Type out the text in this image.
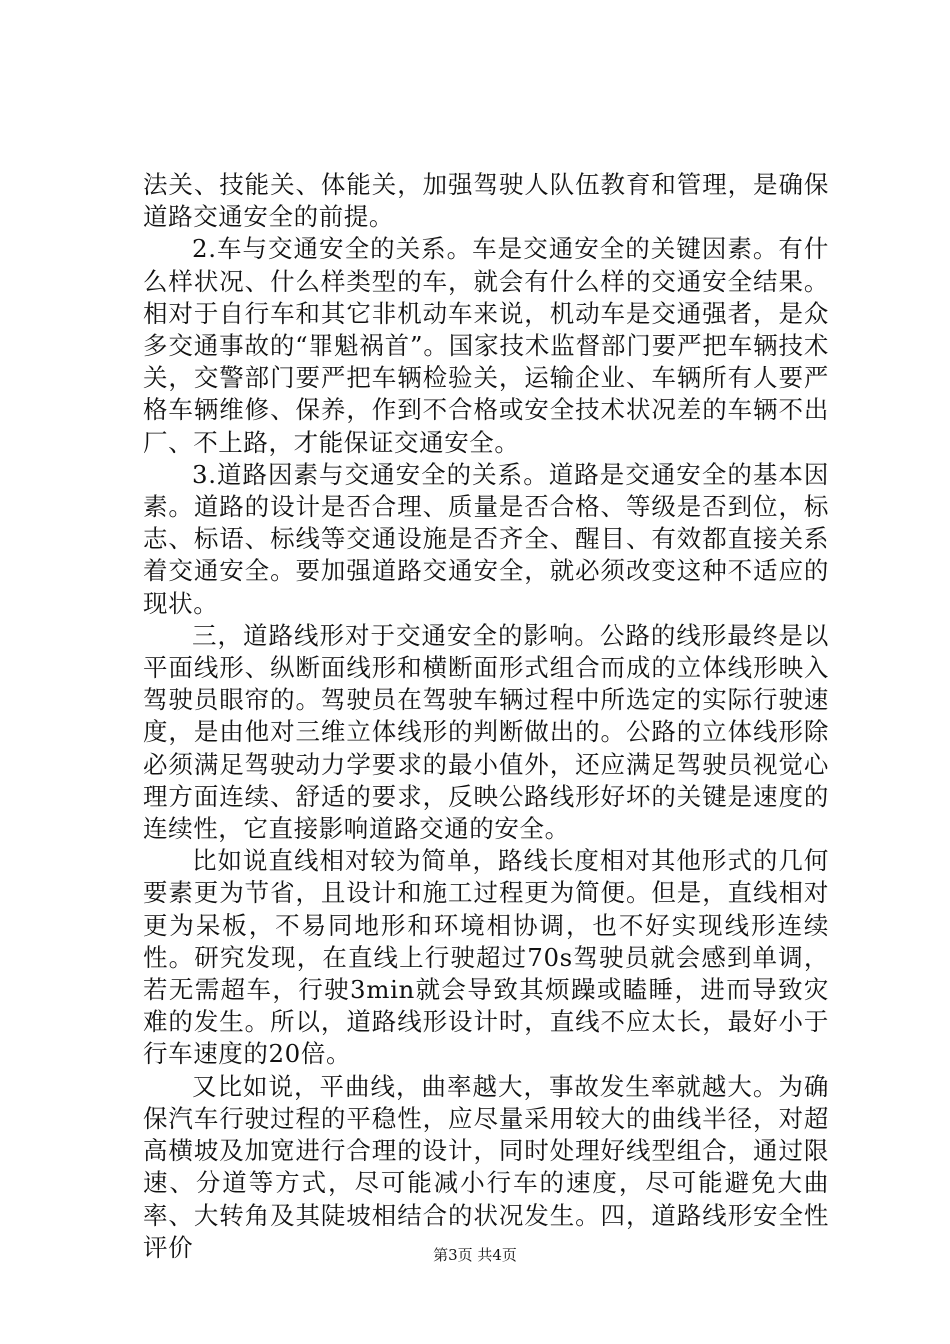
法关、技能关、体能关，加强驾驶人队伍教育和管理，是确保道路交通安全的前提。

2.车与交通安全的关系。车是交通安全的关键因素。有什么样状况、什么样类型的车，就会有什么样的交通安全结果。相对于自行车和其它非机动车来说，机动车是交通强者，是众多交通事故的“罪魁祸首”。国家技术监督部门要严把车辆技术关，交警部门要严把车辆检验关，运输企业、车辆所有人要严格车辆维修、保养，作到不合格或安全技术状况差的车辆不出厂、不上路，才能保证交通安全。

3.道路因素与交通安全的关系。道路是交通安全的基本因素。道路的设计是否合理、质量是否合格、等级是否到位，标志、标语、标线等交通设施是否齐全、醒目、有效都直接关系着交通安全。要加强道路交通安全，就必须改变这种不适应的现状。

三，道路线形对于交通安全的影响。公路的线形最终是以平面线形、纵断面线形和横断面形式组合而成的立体线形映入驾驶员眼帘的。驾驶员在驾驶车辆过程中所选定的实际行驶速度，是由他对三维立体线形的判断做出的。公路的立体线形除必须满足驾驶动力学要求的最小值外，还应满足驾驶员视觉心理方面连续、舒适的要求，反映公路线形好坏的关键是速度的连续性，它直接影响道路交通的安全。

比如说直线相对较为简单，路线长度相对其他形式的几何要素更为节省，且设计和施工过程更为简便。但是，直线相对更为呆板，不易同地形和环境相协调，也不好实现线形连续性。研究发现，在直线上行驶超过70s驾驶员就会感到单调，若无需超车，行驶3min就会导致其烦躁或瞌睡，进而导致灾难的发生。所以，道路线形设计时，直线不应太长，最好小于行车速度的20倍。

又比如说，平曲线，曲率越大，事故发生率就越大。为确保汽车行驶过程的平稳性，应尽量采用较大的曲线半径，对超高横坡及加宽进行合理的设计，同时处理好线型组合，通过限速、分道等方式，尽可能减小行车的速度，尽可能避免大曲率、大转角及其陡坡相结合的状况发生。四，道路线形安全性评价	第3页 共4页
